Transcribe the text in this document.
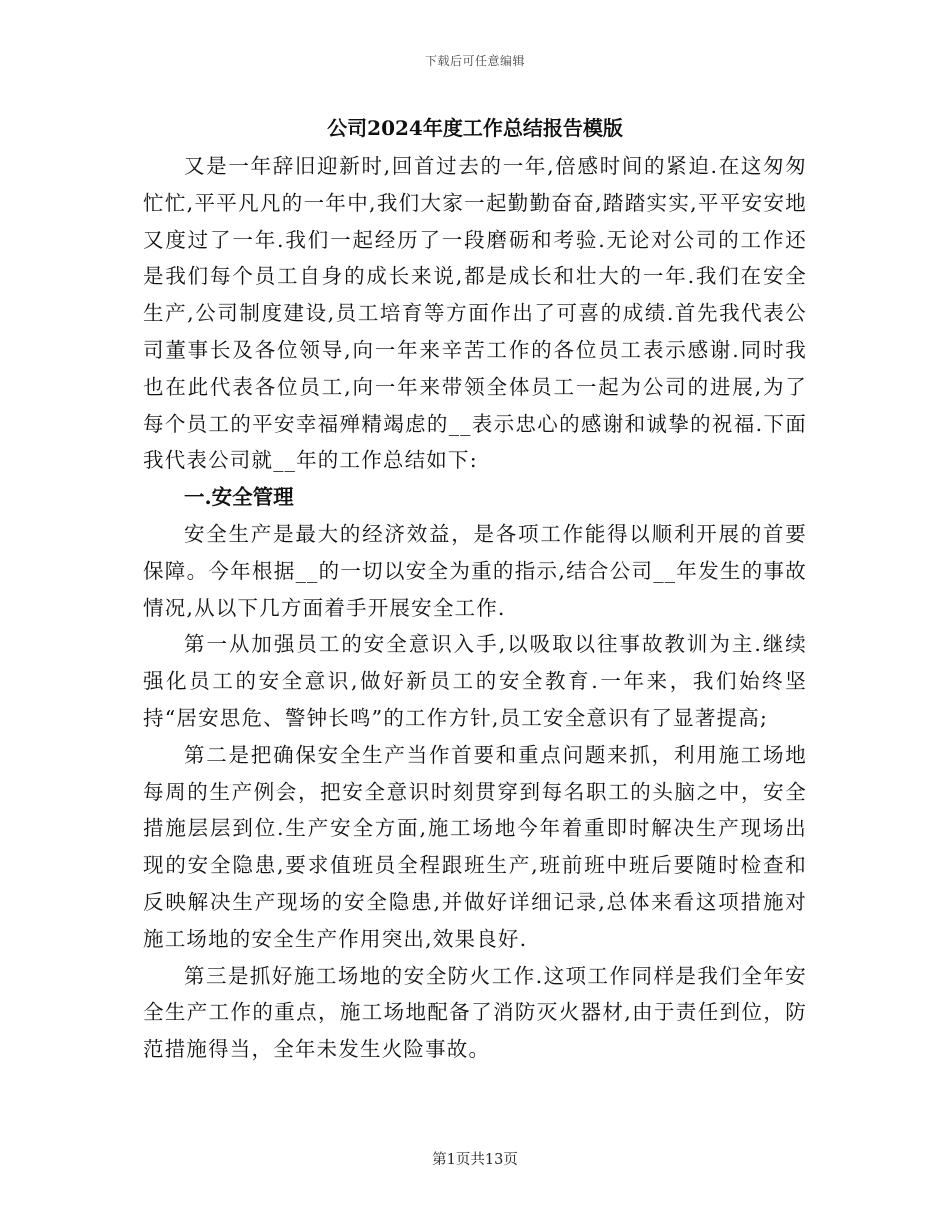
下载后可任意编辑
公司2024年度工作总结报告模版

又是一年辞旧迎新时,回首过去的一年,倍感时间的紧迫.在这匆匆忙忙,平平凡凡的一年中,我们大家一起勤勤奋奋,踏踏实实,平平安安地又度过了一年.我们一起经历了一段磨砺和考验.无论对公司的工作还是我们每个员工自身的成长来说,都是成长和壮大的一年.我们在安全生产,公司制度建设,员工培育等方面作出了可喜的成绩.首先我代表公司董事长及各位领导,向一年来辛苦工作的各位员工表示感谢.同时我也在此代表各位员工,向一年来带领全体员工一起为公司的进展,为了每个员工的平安幸福殚精竭虑的__表示忠心的感谢和诚挚的祝福.下面我代表公司就__年的工作总结如下:

一.安全管理

安全生产是最大的经济效益，是各项工作能得以顺利开展的首要保障。今年根据__的一切以安全为重的指示,结合公司__年发生的事故情况,从以下几方面着手开展安全工作.

第一从加强员工的安全意识入手,以吸取以往事故教训为主.继续强化员工的安全意识,做好新员工的安全教育.一年来，我们始终坚持“居安思危、警钟长鸣”的工作方针,员工安全意识有了显著提高;

第二是把确保安全生产当作首要和重点问题来抓，利用施工场地每周的生产例会，把安全意识时刻贯穿到每名职工的头脑之中，安全措施层层到位.生产安全方面,施工场地今年着重即时解决生产现场出现的安全隐患,要求值班员全程跟班生产,班前班中班后要随时检查和反映解决生产现场的安全隐患,并做好详细记录,总体来看这项措施对施工场地的安全生产作用突出,效果良好.

第三是抓好施工场地的安全防火工作.这项工作同样是我们全年安全生产工作的重点，施工场地配备了消防灭火器材,由于责任到位，防范措施得当，全年未发生火险事故。

第1页共13页
